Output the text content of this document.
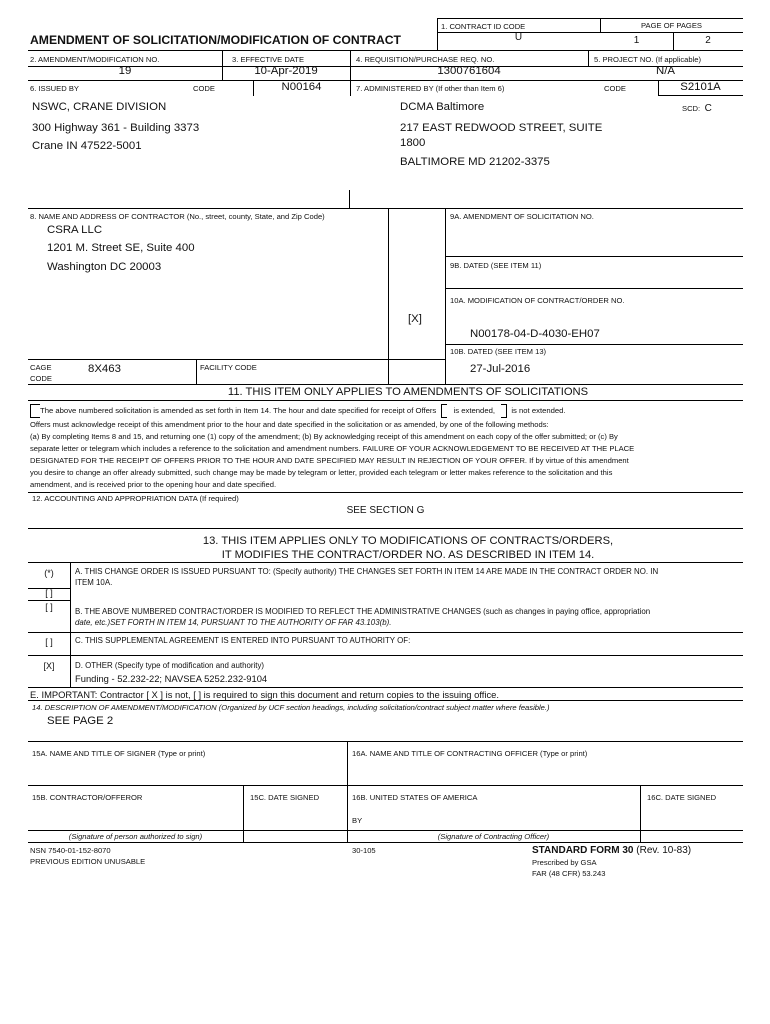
AMENDMENT OF SOLICITATION/MODIFICATION OF CONTRACT
1. CONTRACT ID CODE
U
PAGE OF PAGES
1	2
2. AMENDMENT/MODIFICATION NO.
19
3. EFFECTIVE DATE
10-Apr-2019
4. REQUISITION/PURCHASE REQ. NO.
1300761604
5. PROJECT NO. (If applicable)
N/A
6. ISSUED BY	CODE	N00164	7. ADMINISTERED BY (If other than Item 6)	CODE	S2101A
SCD: C
NSWC, CRANE DIVISION
300 Highway 361 - Building 3373
Crane IN 47522-5001
DCMA Baltimore
217 EAST REDWOOD STREET, SUITE
1800
BALTIMORE MD 21202-3375
8. NAME AND ADDRESS OF CONTRACTOR (No., street, county, State, and Zip Code)
CSRA LLC
1201 M. Street SE, Suite 400
Washington DC 20003
9A. AMENDMENT OF SOLICITATION NO.
9B. DATED (SEE ITEM 11)
10A. MODIFICATION OF CONTRACT/ORDER NO.
[X]
N00178-04-D-4030-EH07
10B. DATED (SEE ITEM 13)
27-Jul-2016
CAGE
CODE
8X463	FACILITY CODE
11. THIS ITEM ONLY APPLIES TO AMENDMENTS OF SOLICITATIONS
The above numbered solicitation is amended as set forth in Item 14. The hour and date specified for receipt of Offers is extended, is not extended.
Offers must acknowledge receipt of this amendment prior to the hour and date specified in the solicitation or as amended, by one of the following methods:
(a) By completing Items 8 and 15, and returning one (1) copy of the amendment; (b) By acknowledging receipt of this amendment on each copy of the offer submitted; or (c) By
separate letter or telegram which includes a reference to the solicitation and amendment numbers. FAILURE OF YOUR ACKNOWLEDGEMENT TO BE RECEIVED AT THE PLACE
DESIGNATED FOR THE RECEIPT OF OFFERS PRIOR TO THE HOUR AND DATE SPECIFIED MAY RESULT IN REJECTION OF YOUR OFFER. If by virtue of this amendment
you desire to change an offer already submitted, such change may be made by telegram or letter, provided each telegram or letter makes reference to the solicitation and this
amendment, and is received prior to the opening hour and date specified.
12. ACCOUNTING AND APPROPRIATION DATA (If required)
SEE SECTION G
13. THIS ITEM APPLIES ONLY TO MODIFICATIONS OF CONTRACTS/ORDERS,
IT MODIFIES THE CONTRACT/ORDER NO. AS DESCRIBED IN ITEM 14.
(*)	A. THIS CHANGE ORDER IS ISSUED PURSUANT TO: (Specify authority) THE CHANGES SET FORTH IN ITEM 14 ARE MADE IN THE CONTRACT ORDER NO. IN
ITEM 10A.
[ ]
[ ]	B. THE ABOVE NUMBERED CONTRACT/ORDER IS MODIFIED TO REFLECT THE ADMINISTRATIVE CHANGES (such as changes in paying office, appropriation
date, etc.)SET FORTH IN ITEM 14, PURSUANT TO THE AUTHORITY OF FAR 43.103(b).
[ ]	C. THIS SUPPLEMENTAL AGREEMENT IS ENTERED INTO PURSUANT TO AUTHORITY OF:
[X]	D. OTHER (Specify type of modification and authority)
Funding - 52.232-22; NAVSEA 5252.232-9104
E. IMPORTANT: Contractor [ X ] is not, [ ] is required to sign this document and return copies to the issuing office.
14. DESCRIPTION OF AMENDMENT/MODIFICATION (Organized by UCF section headings, including solicitation/contract subject matter where feasible.)
SEE PAGE 2
15A. NAME AND TITLE OF SIGNER (Type or print)	16A. NAME AND TITLE OF CONTRACTING OFFICER (Type or print)
15B. CONTRACTOR/OFFEROR	15C. DATE SIGNED	16B. UNITED STATES OF AMERICA	16C. DATE SIGNED
BY
(Signature of person authorized to sign)	(Signature of Contracting Officer)
NSN 7540-01-152-8070
PREVIOUS EDITION UNUSABLE
30-105	STANDARD FORM 30 (Rev. 10-83)
Prescribed by GSA
FAR (48 CFR) 53.243
